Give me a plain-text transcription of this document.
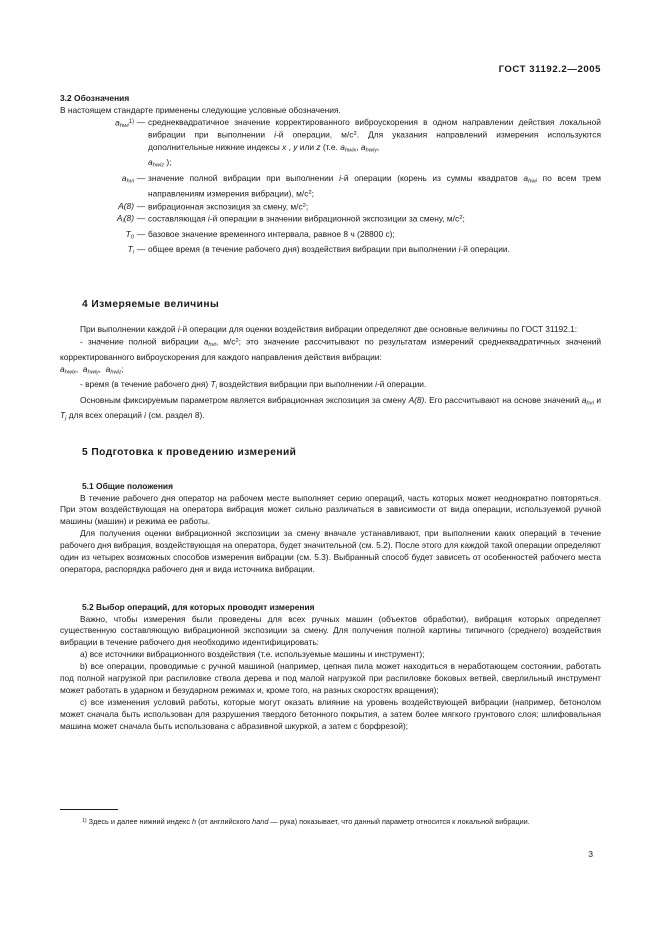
ГОСТ 31192.2—2005
3.2 Обозначения

В настоящем стандарте применены следующие условные обозначения.

$a_{hwi}^{1)}$	—	среднеквадратичное значение корректированного виброускорения в одном направлении действия локальной вибрации при выполнении i-й операции, $м/с^2$. Для указания направлений измерения используются дополнительные нижние индексы x , y или z (т.е. $a_{hwi}x$, $a_{hwi}y$,
$a_{hwi}z$ );
$a_{hvi}$	—	значение полной вибрации при выполнении i-й операции (корень из суммы квадратов $a_{hwi}$ по всем трем направлениям измерения вибрации), $м/с^2$;
A(8)	—	вибрационная экспозиция за смену, $м/с^2$;
$A_i(8)$	—	составляющая i-й операции в значении вибрационной экспозиции за смену, $м/с^2$;
$T_0$	—	базовое значение временного интервала, равное 8 ч (28800 с);
$T_i$	—	общее время (в течение рабочего дня) воздействия вибрации при выполнении i-й операции.
4 Измеряемые величины

При выполнении каждой i-й операции для оценки воздействия вибрации определяют две основные величины по ГОСТ 31192.1:

- значение полной вибрации $a_{hvi}$, $м/с^2$; это значение рассчитывают по результатам измерений среднеквадратичных значений корректированного виброускорения для каждого направления действия вибрации:

$a_{hwi}x$,  $a_{hwi}y$,  $a_{hwi}z$;

- время (в течение рабочего дня) $T_i$ воздействия вибрации при выполнении i-й операции.

Основным фиксируемым параметром является вибрационная экспозиция за смену A(8). Его рассчитывают на основе значений $a_{hvi}$ и $T_j$ для всех операций i (см. раздел 8).

5 Подготовка к проведению измерений
5.1 Общие положения

В течение рабочего дня оператор на рабочем месте выполняет серию операций, часть которых может неоднократно повторяться. При этом воздействующая на оператора вибрация может сильно различаться в зависимости от вида операции, используемой ручной машины (машин) и режима ее работы.

Для получения оценки вибрационной экспозиции за смену вначале устанавливают, при выполнении каких операций в течение рабочего дня вибрация, воздействующая на оператора, будет значительной (см. 5.2). После этого для каждой такой операции определяют один из четырех возможных способов измерения вибрации (см. 5.3). Выбранный способ будет зависеть от особенностей рабочего места оператора, распорядка рабочего дня и вида источника вибрации.

5.2 Выбор операций, для которых проводят измерения

Важно, чтобы измерения были проведены для всех ручных машин (объектов обработки), вибрация которых определяет существенную составляющую вибрационной экспозиции за смену. Для получения полной картины типичного (среднего) воздействия вибрации в течение рабочего дня необходимо идентифицировать:

a) все источники вибрационного воздействия (т.е. используемые машины и инструмент);

b) все операции, проводимые с ручной машиной (например, цепная пила может находиться в неработающем состоянии, работать под полной нагрузкой при распиловке ствола дерева и под малой нагрузкой при распиловке боковых ветвей, сверлильный инструмент может работать в ударном и безударном режимах и, кроме того, на разных скоростях вращения);

c) все изменения условий работы, которые могут оказать влияние на уровень воздействующей вибрации (например, бетонолом может сначала быть использован для разрушения твердого бетонного покрытия, а затем более мягкого грунтового слоя; шлифовальная машина может сначала быть использована с абразивной шкуркой, а затем с борфрезой);

$^{1)}$ Здесь и далее нижний индекс h (от английского hand — рука) показывает, что данный параметр относится к локальной вибрации.

3
